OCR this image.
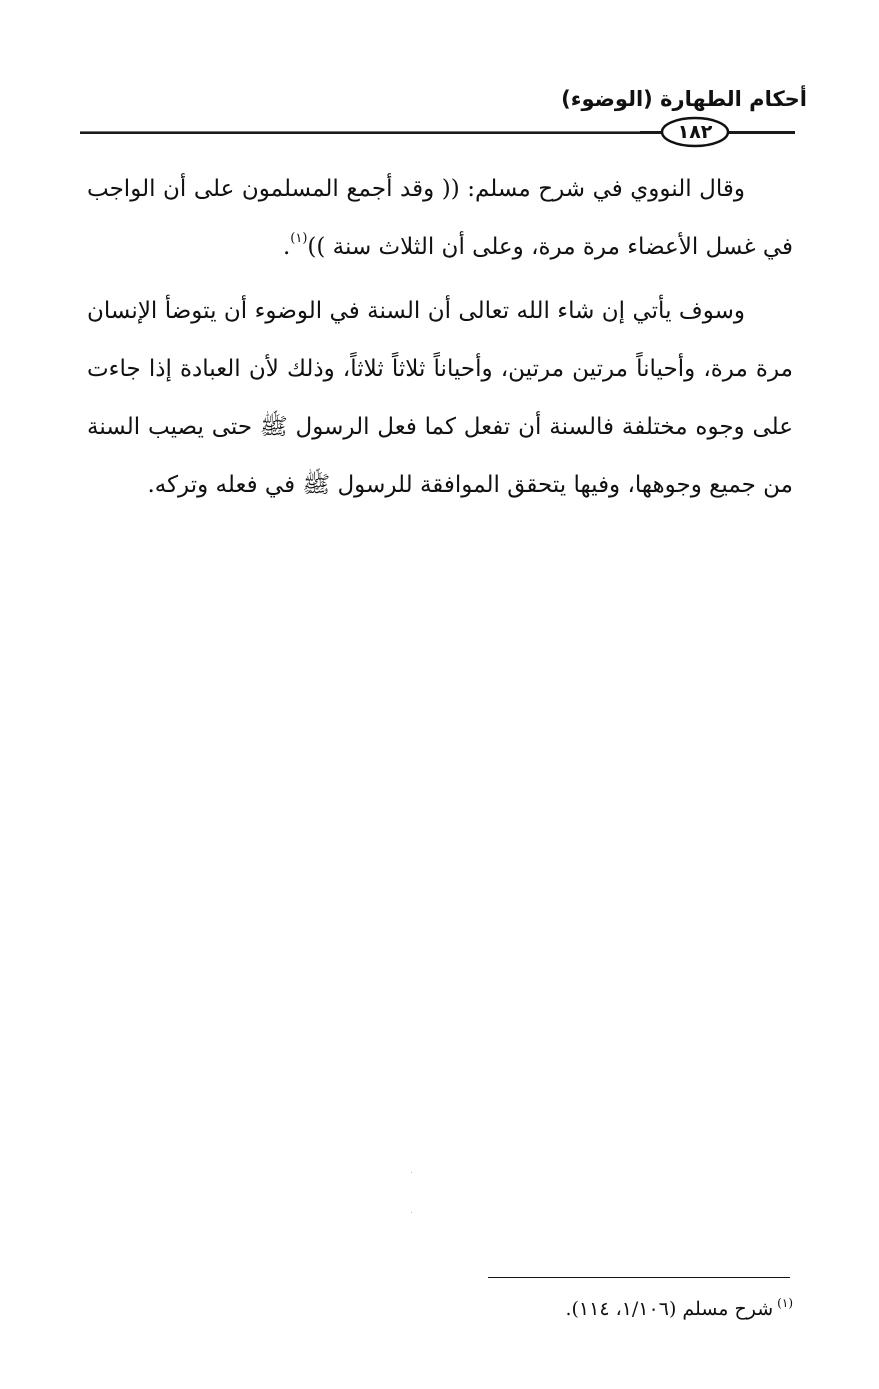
أحكام الطهارة (الوضوء)
١٨٢

وقال النووي في شرح مسلم: (( وقد أجمع المسلمون على أن الواجب في غسل الأعضاء مرة مرة، وعلى أن الثلاث سنة ))$^{(١)}$.

وسوف يأتي إن شاء الله تعالى أن السنة في الوضوء أن يتوضأ الإنسان مرة مرة، وأحياناً مرتين مرتين، وأحياناً ثلاثاً ثلاثاً، وذلك لأن العبادة إذا جاءت على وجوه مختلفة فالسنة أن تفعل كما فعل الرسول ﷺ حتى يصيب السنة من جميع وجوهها، وفيها يتحقق الموافقة للرسول ﷺ في فعله وتركه.

$^{(١)}$شرح مسلم (١/١٠٦، ١١٤).
